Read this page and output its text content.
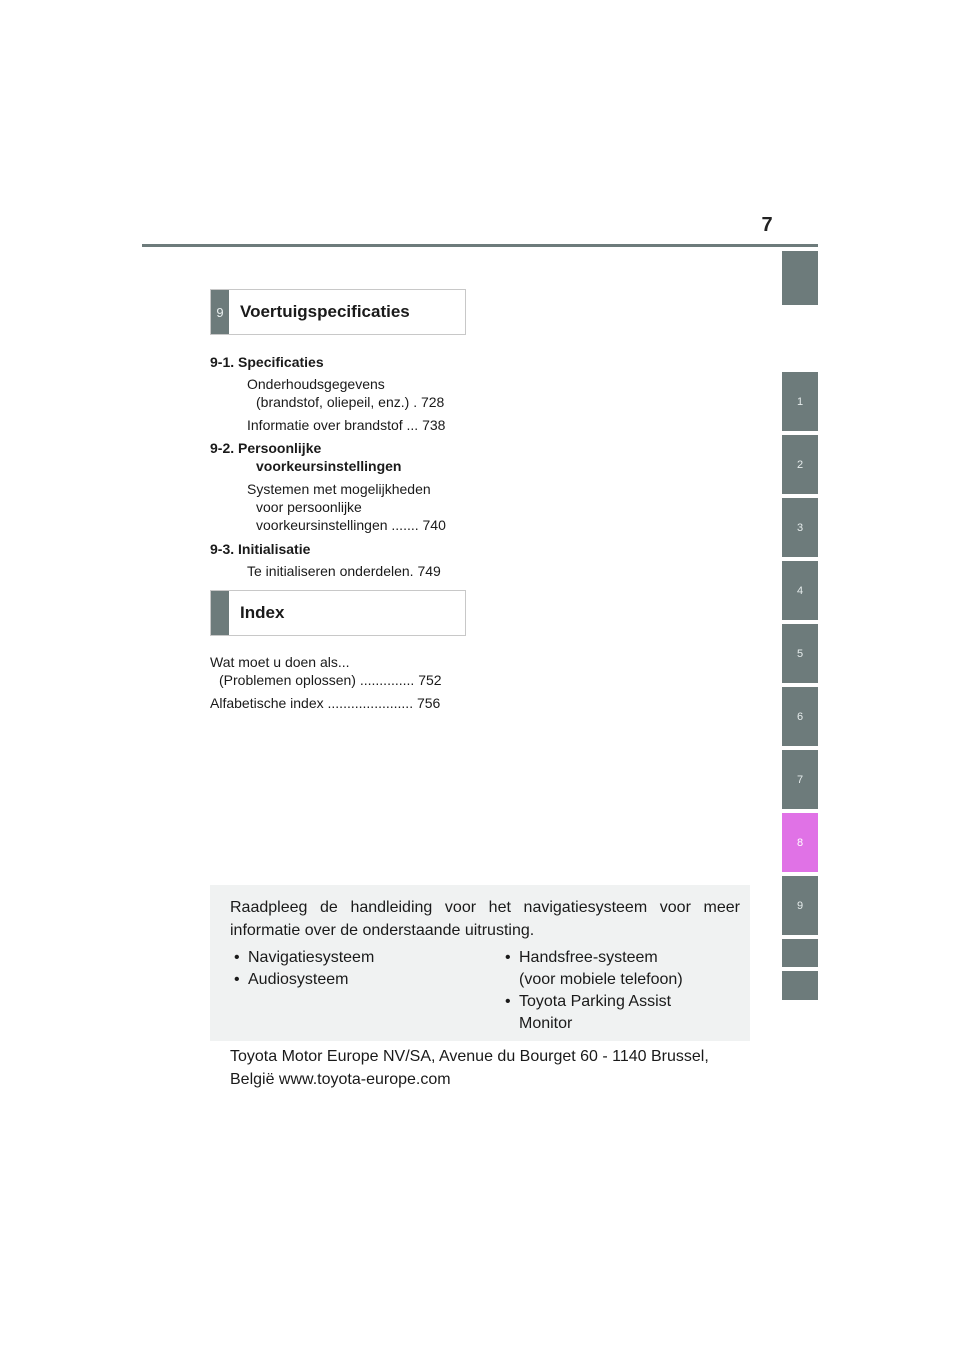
7
1
2
3
4
5
6
7
8
9
9 Voertuigspecificaties
9-1. Specificaties
Onderhoudsgegevens
(brandstof, oliepeil, enz.) . 728
Informatie over brandstof ... 738
9-2. Persoonlijke
voorkeursinstellingen
Systemen met mogelijkheden
voor persoonlijke
voorkeursinstellingen ....... 740
9-3. Initialisatie
Te initialiseren onderdelen. 749
Index
Wat moet u doen als...
(Problemen oplossen) .............. 752
Alfabetische index ...................... 756
Raadpleeg de handleiding voor het navigatiesysteem voor meer informatie over de onderstaande uitrusting.
• Navigatiesysteem
• Audiosysteem
• Handsfree-systeem
(voor mobiele telefoon)
• Toyota Parking Assist
Monitor
Toyota Motor Europe NV/SA, Avenue du Bourget 60 - 1140 Brussel,
België www.toyota-europe.com
